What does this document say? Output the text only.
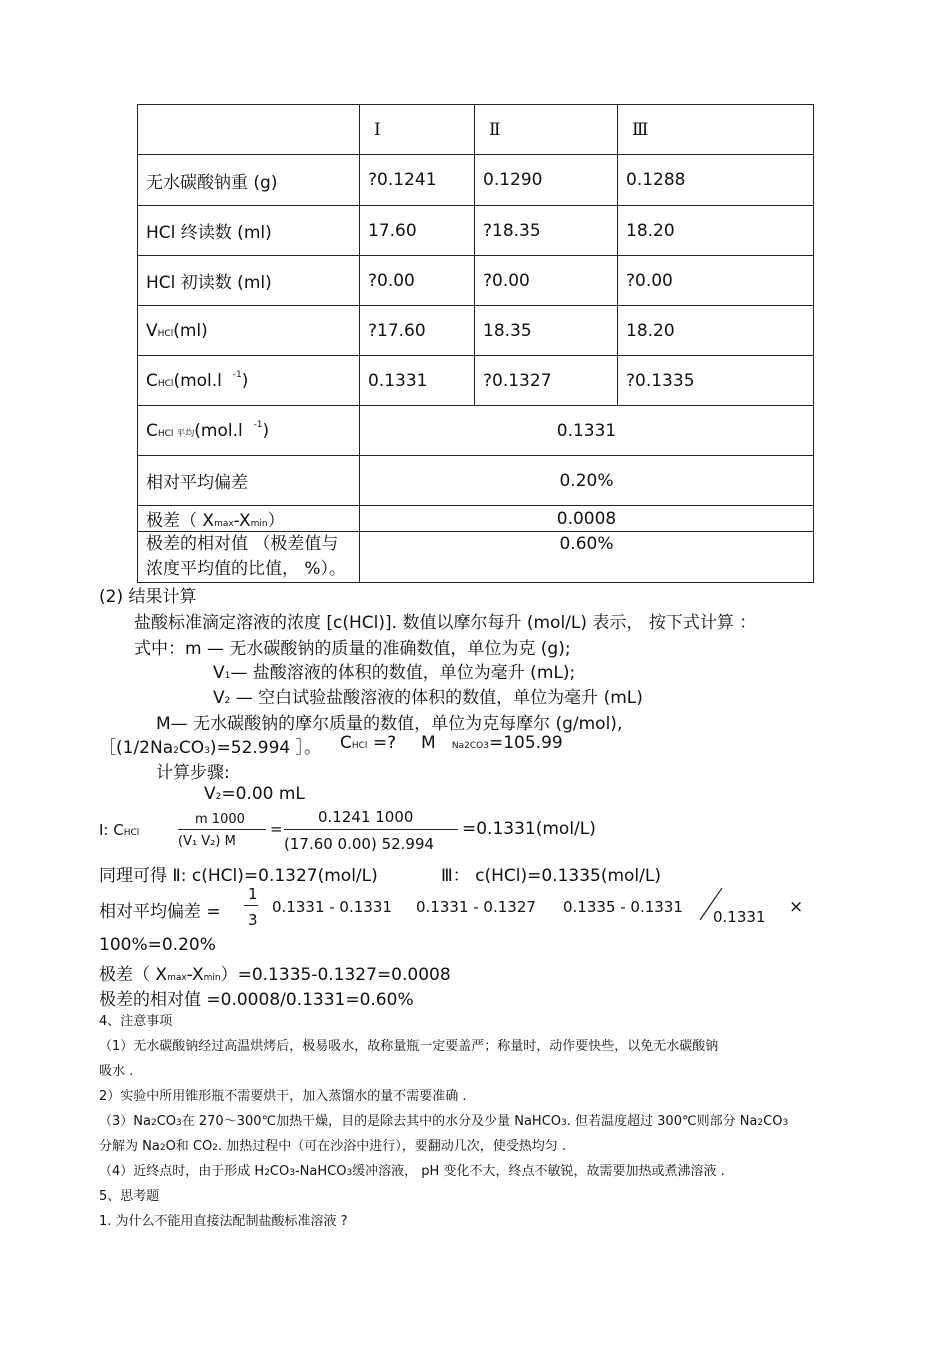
	Ⅰ	Ⅱ	Ⅲ
无水碳酸钠重 (g)	?0.1241	0.1290	0.1288
HCl 终读数 (ml)	17.60	?18.35	18.20
HCl 初读数 (ml)	?0.00	?0.00	?0.00
VHCl(ml)	?17.60	18.35	18.20
CHCl(mol.l $^{-1}$)	0.1331	?0.1327	?0.1335
CHCl 平均(mol.l $^{-1}$)	0.1331		
相对平均偏差	0.20%		
极差（ Xmax-Xmin）	0.0008		

极差的相对值 （极差值与
浓度平均值的比值， %）。	0.60%		
(2) 结果计算
盐酸标准滴定溶液的浓度 [c(HCl)]. 数值以摩尔每升 (mol/L) 表示， 按下式计算 ：
式中：m — 无水碳酸钠的质量的准确数值，单位为克 (g);
V1— 盐酸溶液的体积的数值，单位为毫升 (mL);
V2 — 空白试验盐酸溶液的体积的数值，单位为毫升 (mL)
M— 无水碳酸钠的摩尔质量的数值，单位为克每摩尔 (g/mol),
［(1/2Na2CO3)=52.994 ］。 CHCl =? M Na2CO3=105.99
计算步骤:
V2=0.00 mL
Ⅰ: CHCl
m 1000
(V₁ V₂) M
=
0.1241 1000
(17.60 0.00) 52.994
=0.1331(mol/L)
同理可得 Ⅱ: c(HCl)=0.1327(mol/L)	Ⅲ： c(HCl)=0.1335(mol/L)
相对平均偏差 =
1
3
0.1331 - 0.1331 0.1331 - 0.1327 0.1335 - 0.1331
0.1331 ×
100%=0.20%
极差（ Xmax-Xmin）=0.1335-0.1327=0.0008
极差的相对值 =0.0008/0.1331=0.60%
4、注意事项
（1）无水碳酸钠经过高温烘烤后，极易吸水，故称量瓶一定要盖严；称量时，动作要快些，以免无水碳酸钠
吸水 .
2）实验中所用锥形瓶不需要烘干，加入蒸馏水的量不需要准确 .
（3）Na2CO3在 270～300℃加热干燥，目的是除去其中的水分及少量 NaHCO3. 但若温度超过 300℃则部分 Na2CO3
分解为 Na2O和 CO2. 加热过程中（可在沙浴中进行），要翻动几次，使受热均匀 .
（4）近终点时，由于形成 H2CO3-NaHCO3缓冲溶液， pH 变化不大，终点不敏锐，故需要加热或煮沸溶液 .
5、思考题
1. 为什么不能用直接法配制盐酸标准溶液 ?
